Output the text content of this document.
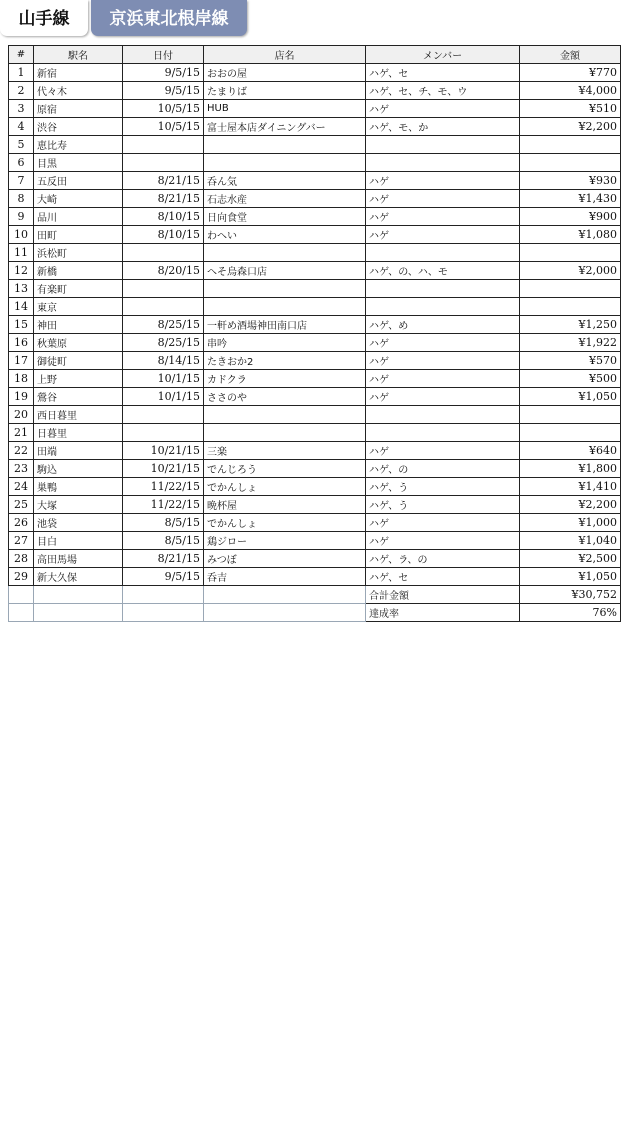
山手線	京浜東北根岸線
#	駅名	日付	店名	メンバー	金額
1	新宿	9/5/15	おおの屋	ハゲ、セ	¥770
2	代々木	9/5/15	たまりば	ハゲ、セ、チ、モ、ウ	¥4,000
3	原宿	10/5/15	HUB	ハゲ	¥510
4	渋谷	10/5/15	富士屋本店ダイニングバー	ハゲ、モ、か	¥2,200
5	恵比寿				
6	目黒				
7	五反田	8/21/15	呑ん気	ハゲ	¥930
8	大崎	8/21/15	石志水産	ハゲ	¥1,430
9	品川	8/10/15	日向食堂	ハゲ	¥900
10	田町	8/10/15	わへい	ハゲ	¥1,080
11	浜松町				
12	新橋	8/20/15	へそ烏森口店	ハゲ、の、ハ、モ	¥2,000
13	有楽町				
14	東京				
15	神田	8/25/15	一軒め酒場神田南口店	ハゲ、め	¥1,250
16	秋葉原	8/25/15	串吟	ハゲ	¥1,922
17	御徒町	8/14/15	たきおか2	ハゲ	¥570
18	上野	10/1/15	カドクラ	ハゲ	¥500
19	鶯谷	10/1/15	ささのや	ハゲ	¥1,050
20	西日暮里				
21	日暮里				
22	田端	10/21/15	三楽	ハゲ	¥640
23	駒込	10/21/15	でんじろう	ハゲ、の	¥1,800
24	巣鴨	11/22/15	でかんしょ	ハゲ、う	¥1,410
25	大塚	11/22/15	晩杯屋	ハゲ、う	¥2,200
26	池袋	8/5/15	でかんしょ	ハゲ	¥1,000
27	目白	8/5/15	鶏ジロー	ハゲ	¥1,040
28	高田馬場	8/21/15	みつぼ	ハゲ、ラ、の	¥2,500
29	新大久保	9/5/15	呑吉	ハゲ、セ	¥1,050
				合計金額	¥30,752
				達成率	76%
